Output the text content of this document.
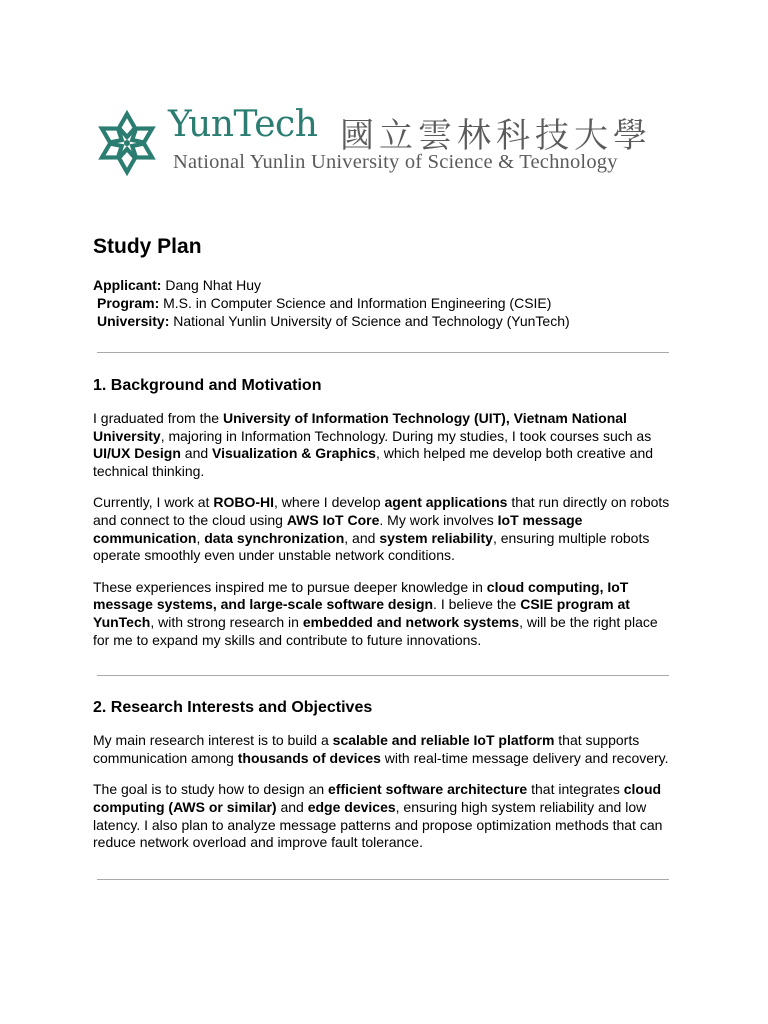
YunTech 國立雲林科技大學
National Yunlin University of Science & Technology
Study Plan
Applicant: Dang Nhat Huy
Program: M.S. in Computer Science and Information Engineering (CSIE)
University: National Yunlin University of Science and Technology (YunTech)
1. Background and Motivation

I graduated from the University of Information Technology (UIT), Vietnam National University, majoring in Information Technology. During my studies, I took courses such as UI/UX Design and Visualization & Graphics, which helped me develop both creative and technical thinking.

Currently, I work at ROBO-HI, where I develop agent applications that run directly on robots and connect to the cloud using AWS IoT Core. My work involves IoT message communication, data synchronization, and system reliability, ensuring multiple robots operate smoothly even under unstable network conditions.

These experiences inspired me to pursue deeper knowledge in cloud computing, IoT message systems, and large-scale software design. I believe the CSIE program at YunTech, with strong research in embedded and network systems, will be the right place for me to expand my skills and contribute to future innovations.

2. Research Interests and Objectives

My main research interest is to build a scalable and reliable IoT platform that supports communication among thousands of devices with real-time message delivery and recovery.

The goal is to study how to design an efficient software architecture that integrates cloud computing (AWS or similar) and edge devices, ensuring high system reliability and low latency. I also plan to analyze message patterns and propose optimization methods that can reduce network overload and improve fault tolerance.
